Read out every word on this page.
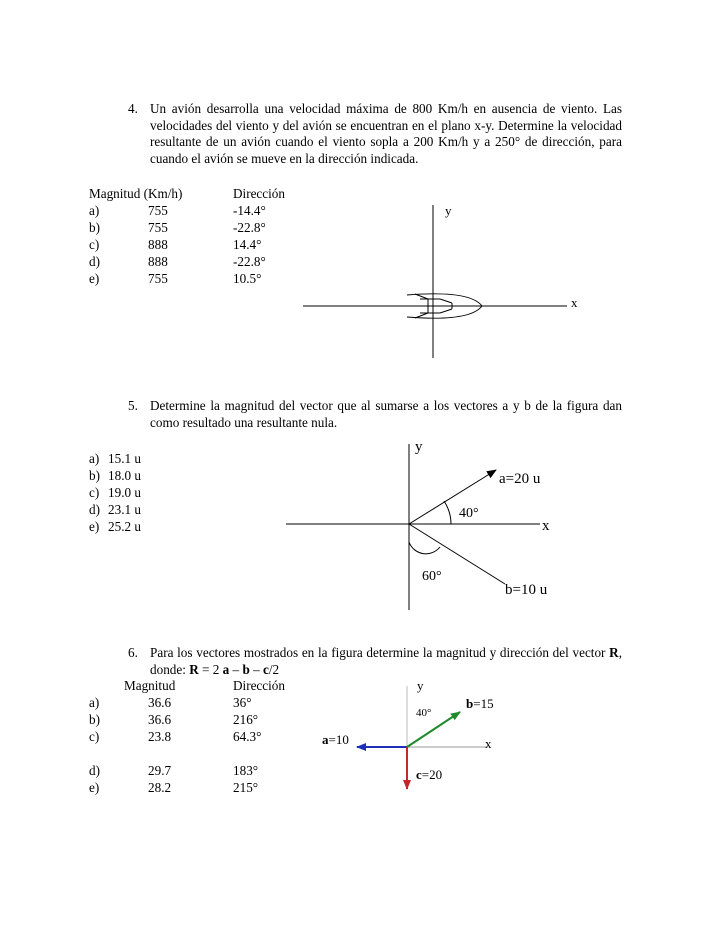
4. Un avión desarrolla una velocidad máxima de 800 Km/h en ausencia de viento. Las velocidades del viento y del avión se encuentran en el plano x-y. Determine la velocidad resultante de un avión cuando el viento sopla a 200 Km/h y a 250° de dirección, para cuando el avión se mueve en la dirección indicada.
Magnitud (Km/h)	Dirección
a)	755	-14.4°
b)	755	-22.8°
c)	888	14.4°
d)	888	-22.8°
e)	755	10.5°
y
x
5. Determine la magnitud del vector que al sumarse a los vectores a y b de la figura dan como resultado una resultante nula.
a) 15.1 u
b) 18.0 u
c) 19.0 u
d) 23.1 u
e) 25.2 u
y
x
a=20 u
b=10 u
40°
60°
6. Para los vectores mostrados en la figura determine la magnitud y dirección del vector R, donde: R = 2 a – b – c/2
Magnitud	Dirección
a)	36.6	36°
b)	36.6	216°
c)	23.8	64.3°
d)	29.7	183°
e)	28.2	215°
y
x
40°
a=10
b=15
c=20
